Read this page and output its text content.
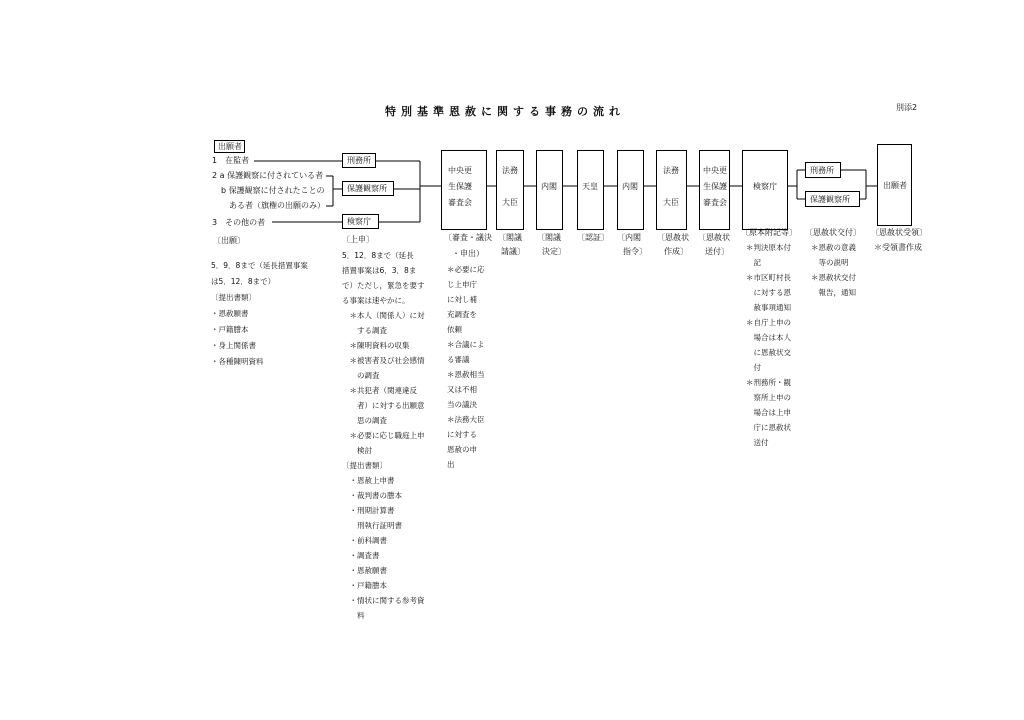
特別基準恩赦に関する事務の流れ	別添2
出願者
1　在監者
2 a 保護観察に付されている者
b 保護観察に付されたことの
ある者（旗権の出願のみ）
3　その他の者
〔出願〕
5．9．8まで（延長措置事案
は5．12．8まで）
〔提出書類〕
・恩赦願書
・戸籍謄本
・身上関係書
・各種陳明資料
刑務所
保護観察所
検察庁
〔上申〕
5．12．8まで（延長
措置事案は6．3．8ま
で）ただし，緊急を要す
る事案は速やかに。
　＊本人（関係人）に対
　　する調査
　＊陳明資料の収集
　＊被害者及び社会感情
　　の調査
　＊共犯者（関連違反
　　者）に対する出願意
　　思の調査
　＊必要に応じ職庭上申
　　検討
〔提出書類〕
　・恩赦上申書
　・裁判書の謄本
　・刑期計算書
　　刑執行証明書
　・前科調書
　・調査書
　・恩赦願書
　・戸籍謄本
　・情状に関する参考資
　　料
中央更
生保護
審査会
〔審査・議決
・申出）
＊必要に応
じ上申庁
に対し補
充調査を
依頼
＊合議によ
る審議
＊恩赦相当
又は不相
当の議決
＊法務大臣
に対する
恩赦の申
出
法務
大臣
〔閣議
請議〕
内閣
〔閣議
決定〕
天皇
〔認証〕
内閣
〔内閣
指令〕
法務
大臣
〔恩赦状
作成〕
中央更
生保護
審査会
〔恩赦状
送付〕
検察庁
〔原本附記等〕
＊判決原本付
　記
＊市区町村長
　に対する恩
　赦事項通知
＊自庁上申の
　場合は本人
　に恩赦状交
　付
＊刑務所・観
　察所上申の
　場合は上申
　庁に恩赦状
　送付
刑務所
保護観察所
〔恩赦状交付〕
＊恩赦の意義
　等の説明
＊恩赦状交付
　報告，通知
出願者
〔恩赦状受領〕
＊受領書作成
